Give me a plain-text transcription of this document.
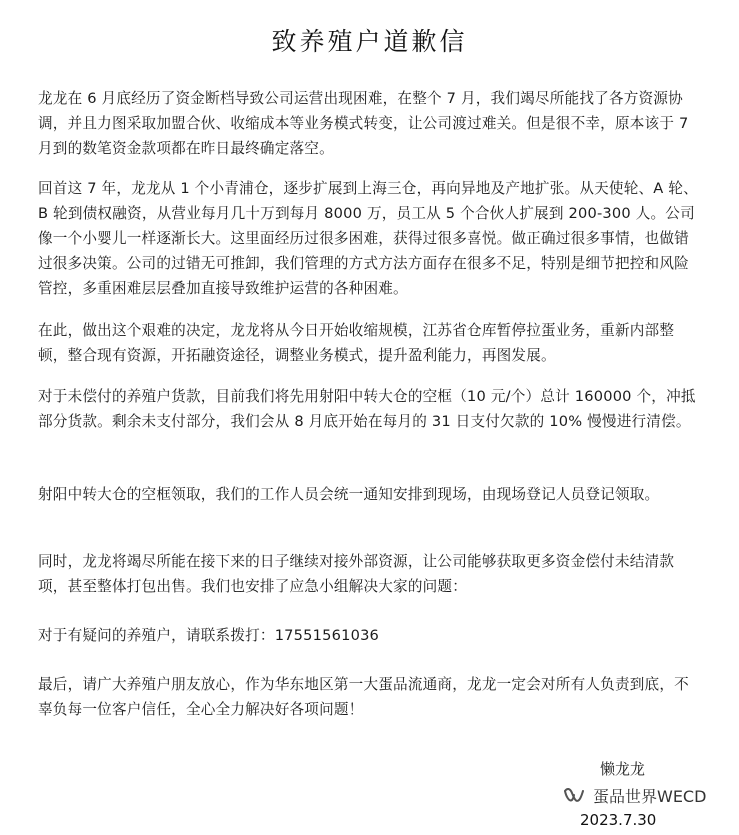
致养殖户道歉信
龙龙在 6 月底经历了资金断档导致公司运营出现困难，在整个 7 月，我们竭尽所能找了各方资源协调，并且力图采取加盟合伙、收缩成本等业务模式转变，让公司渡过难关。但是很不幸，原本该于 7 月到的数笔资金款项都在昨日最终确定落空。
回首这 7 年，龙龙从 1 个小青浦仓，逐步扩展到上海三仓，再向异地及产地扩张。从天使轮、A 轮、B 轮到债权融资，从营业每月几十万到每月 8000 万，员工从 5 个合伙人扩展到 200-300 人。公司像一个小婴儿一样逐渐长大。这里面经历过很多困难，获得过很多喜悦。做正确过很多事情，也做错过很多决策。公司的过错无可推卸，我们管理的方式方法方面存在很多不足，特别是细节把控和风险管控，多重困难层层叠加直接导致维护运营的各种困难。
在此，做出这个艰难的决定，龙龙将从今日开始收缩规模，江苏省仓库暂停拉蛋业务，重新内部整顿，整合现有资源，开拓融资途径，调整业务模式，提升盈利能力，再图发展。
对于未偿付的养殖户货款，目前我们将先用射阳中转大仓的空框（10 元/个）总计 160000 个，冲抵部分货款。剩余未支付部分，我们会从 8 月底开始在每月的 31 日支付欠款的 10% 慢慢进行清偿。
射阳中转大仓的空框领取，我们的工作人员会统一通知安排到现场，由现场登记人员登记领取。
同时，龙龙将竭尽所能在接下来的日子继续对接外部资源，让公司能够获取更多资金偿付未结清款项，甚至整体打包出售。我们也安排了应急小组解决大家的问题：
对于有疑问的养殖户，请联系拨打：17551561036
最后，请广大养殖户朋友放心，作为华东地区第一大蛋品流通商，龙龙一定会对所有人负责到底，不辜负每一位客户信任，全心全力解决好各项问题！
懒龙龙
蛋品世界WECD
2023.7.30
